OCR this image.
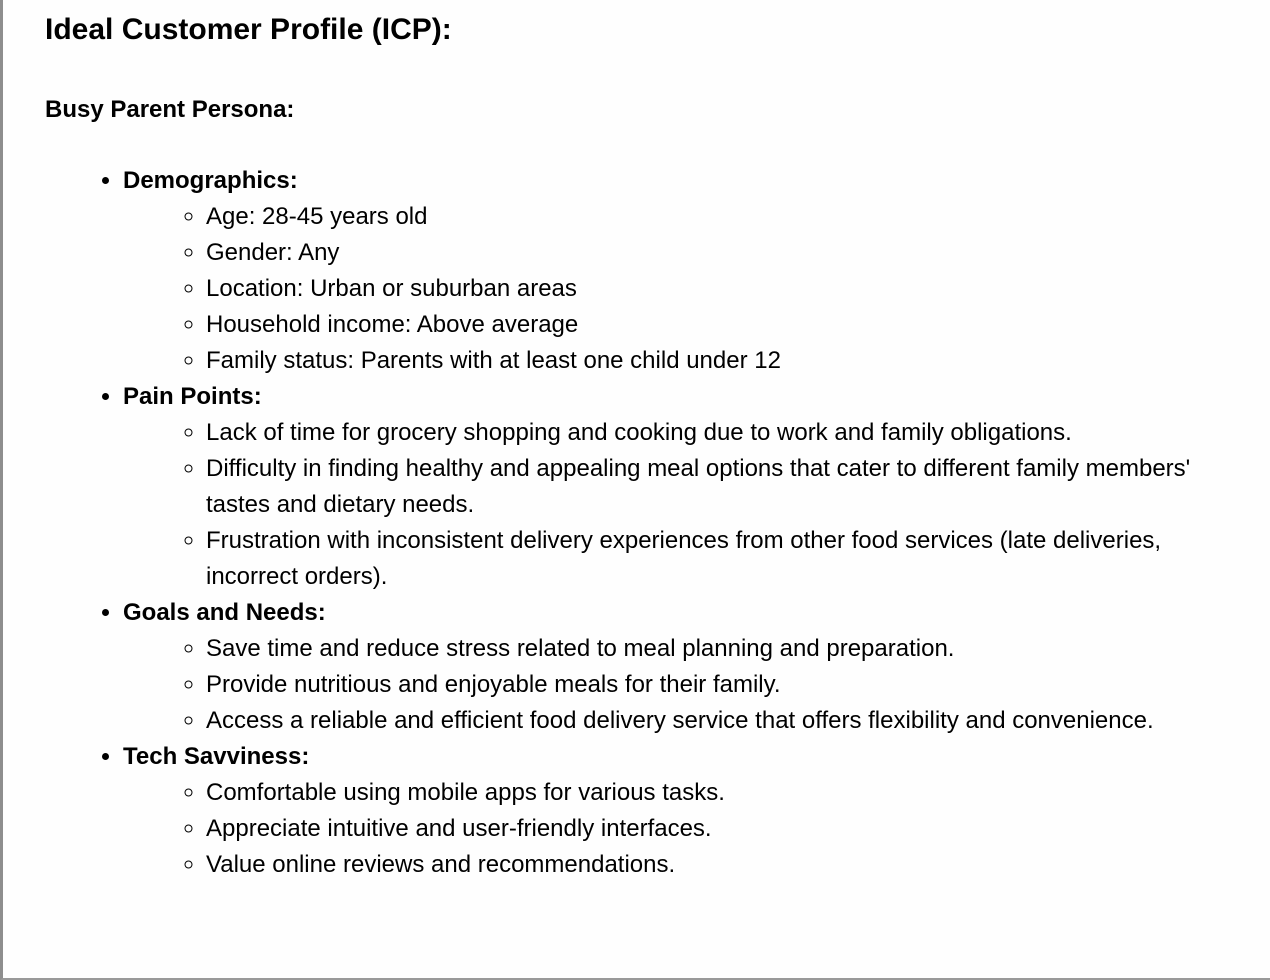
Ideal Customer Profile (ICP):
Busy Parent Persona:
• Demographics:
◦ Age: 28-45 years old
◦ Gender: Any
◦ Location: Urban or suburban areas
◦ Household income: Above average
◦ Family status: Parents with at least one child under 12
• Pain Points:
◦ Lack of time for grocery shopping and cooking due to work and family obligations.
◦ Difficulty in finding healthy and appealing meal options that cater to different family members' tastes and dietary needs.
◦ Frustration with inconsistent delivery experiences from other food services (late deliveries, incorrect orders).
• Goals and Needs:
◦ Save time and reduce stress related to meal planning and preparation.
◦ Provide nutritious and enjoyable meals for their family.
◦ Access a reliable and efficient food delivery service that offers flexibility and convenience.
• Tech Savviness:
◦ Comfortable using mobile apps for various tasks.
◦ Appreciate intuitive and user-friendly interfaces.
◦ Value online reviews and recommendations.
